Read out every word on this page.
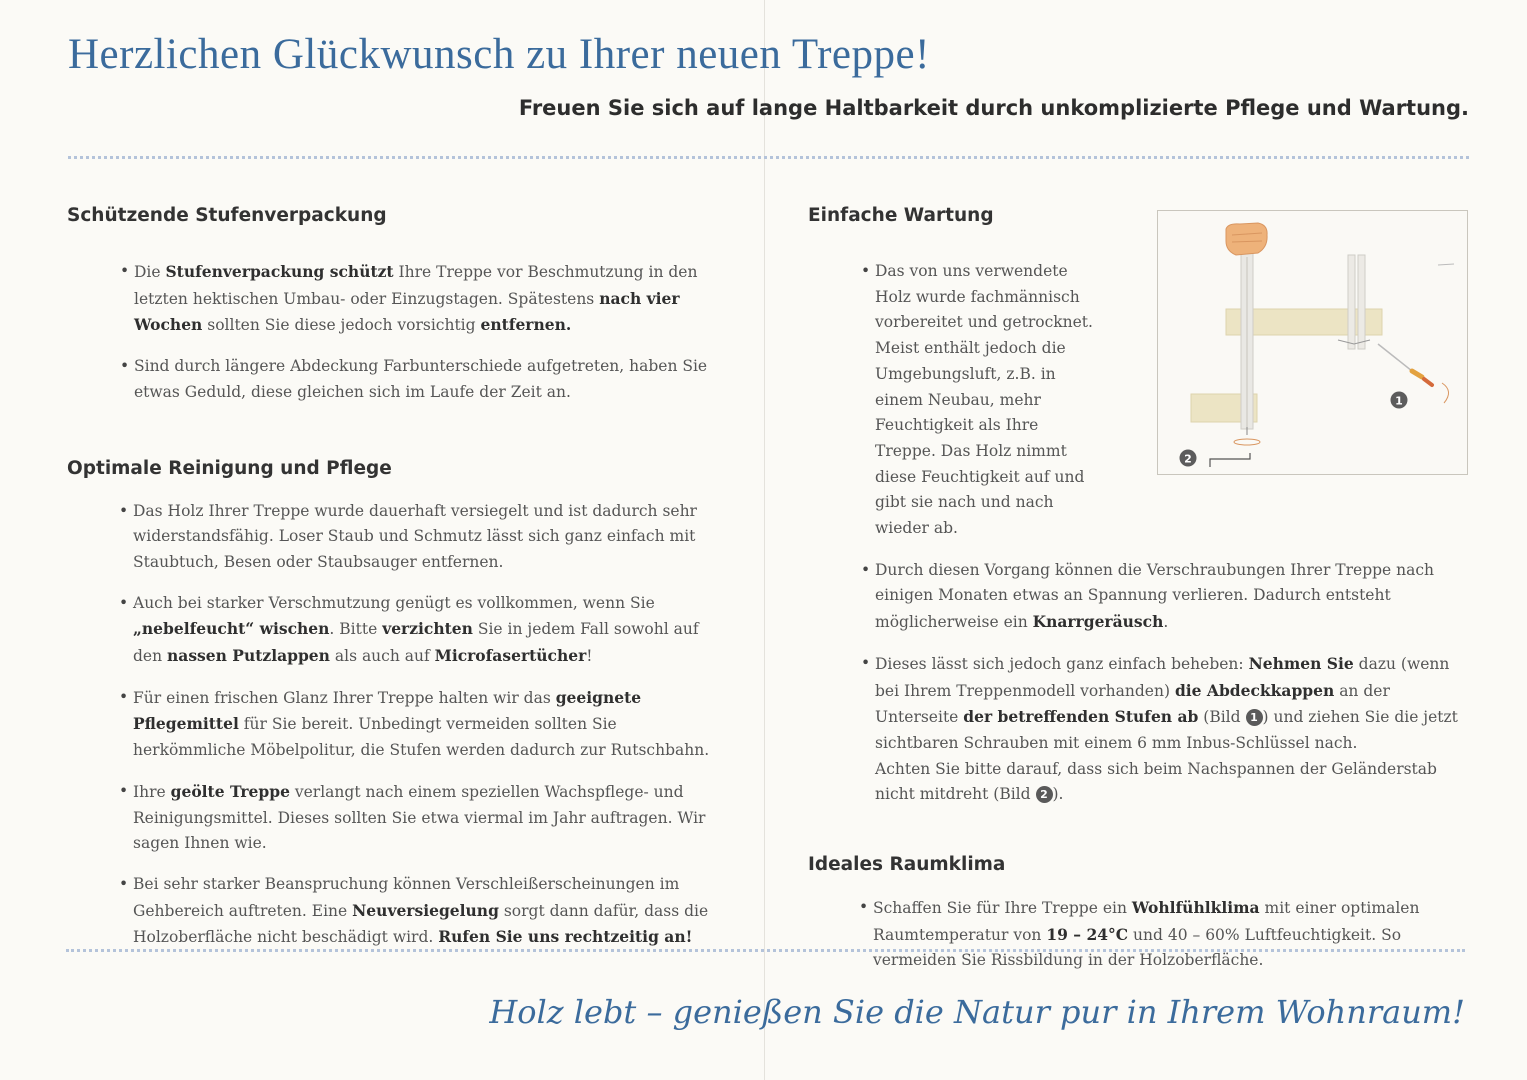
Herzlichen Glückwunsch zu Ihrer neuen Treppe!

Freuen Sie sich auf lange Haltbarkeit durch unkomplizierte Pflege und Wartung.

Schützende Stufenverpackung
• Die Stufenverpackung schützt Ihre Treppe vor Beschmutzung in den letzten hektischen Umbau- oder Einzugstagen. Spätestens nach vier Wochen sollten Sie diese jedoch vorsichtig entfernen.
• Sind durch längere Abdeckung Farbunterschiede aufgetreten, haben Sie etwas Geduld, diese gleichen sich im Laufe der Zeit an.
Optimale Reinigung und Pflege
• Das Holz Ihrer Treppe wurde dauerhaft versiegelt und ist dadurch sehr widerstandsfähig. Loser Staub und Schmutz lässt sich ganz einfach mit Staubtuch, Besen oder Staubsauger entfernen.
• Auch bei starker Verschmutzung genügt es vollkommen, wenn Sie „nebelfeucht“ wischen. Bitte verzichten Sie in jedem Fall sowohl auf den nassen Putzlappen als auch auf Microfasertücher!
• Für einen frischen Glanz Ihrer Treppe halten wir das geeignete Pflegemittel für Sie bereit. Unbedingt vermeiden sollten Sie herkömmliche Möbelpolitur, die Stufen werden dadurch zur Rutschbahn.
• Ihre geölte Treppe verlangt nach einem speziellen Wachspflege- und Reinigungsmittel. Dieses sollten Sie etwa viermal im Jahr auftragen. Wir sagen Ihnen wie.
• Bei sehr starker Beanspruchung können Verschleißerscheinungen im Gehbereich auftreten. Eine Neuversiegelung sorgt dann dafür, dass die Holzoberfläche nicht beschädigt wird. Rufen Sie uns rechtzeitig an!
Einfache Wartung
• Das von uns verwendete Holz wurde fachmännisch vorbereitet und getrocknet. Meist enthält jedoch die Umgebungsluft, z.B. in einem Neubau, mehr Feuchtigkeit als Ihre Treppe. Das Holz nimmt diese Feuchtigkeit auf und gibt sie nach und nach wieder ab.
• Durch diesen Vorgang können die Verschraubungen Ihrer Treppe nach einigen Monaten etwas an Spannung verlieren. Dadurch entsteht möglicherweise ein Knarrgeräusch.
• Dieses lässt sich jedoch ganz einfach beheben: Nehmen Sie dazu (wenn bei Ihrem Treppenmodell vorhanden) die Abdeckkappen an der Unterseite der betreffenden Stufen ab (Bild 1 ) und ziehen Sie die jetzt sichtbaren Schrauben mit einem 6 mm Inbus-Schlüssel nach.
Achten Sie bitte darauf, dass sich beim Nachspannen der Geländerstab nicht mitdreht (Bild 2 ).
Ideales Raumklima
• Schaffen Sie für Ihre Treppe ein Wohlfühlklima mit einer optimalen Raumtemperatur von 19 – 24°C und 40 – 60% Luftfeuchtigkeit. So vermeiden Sie Rissbildung in der Holzoberfläche.
1
2

Holz lebt – genießen Sie die Natur pur in Ihrem Wohnraum!
